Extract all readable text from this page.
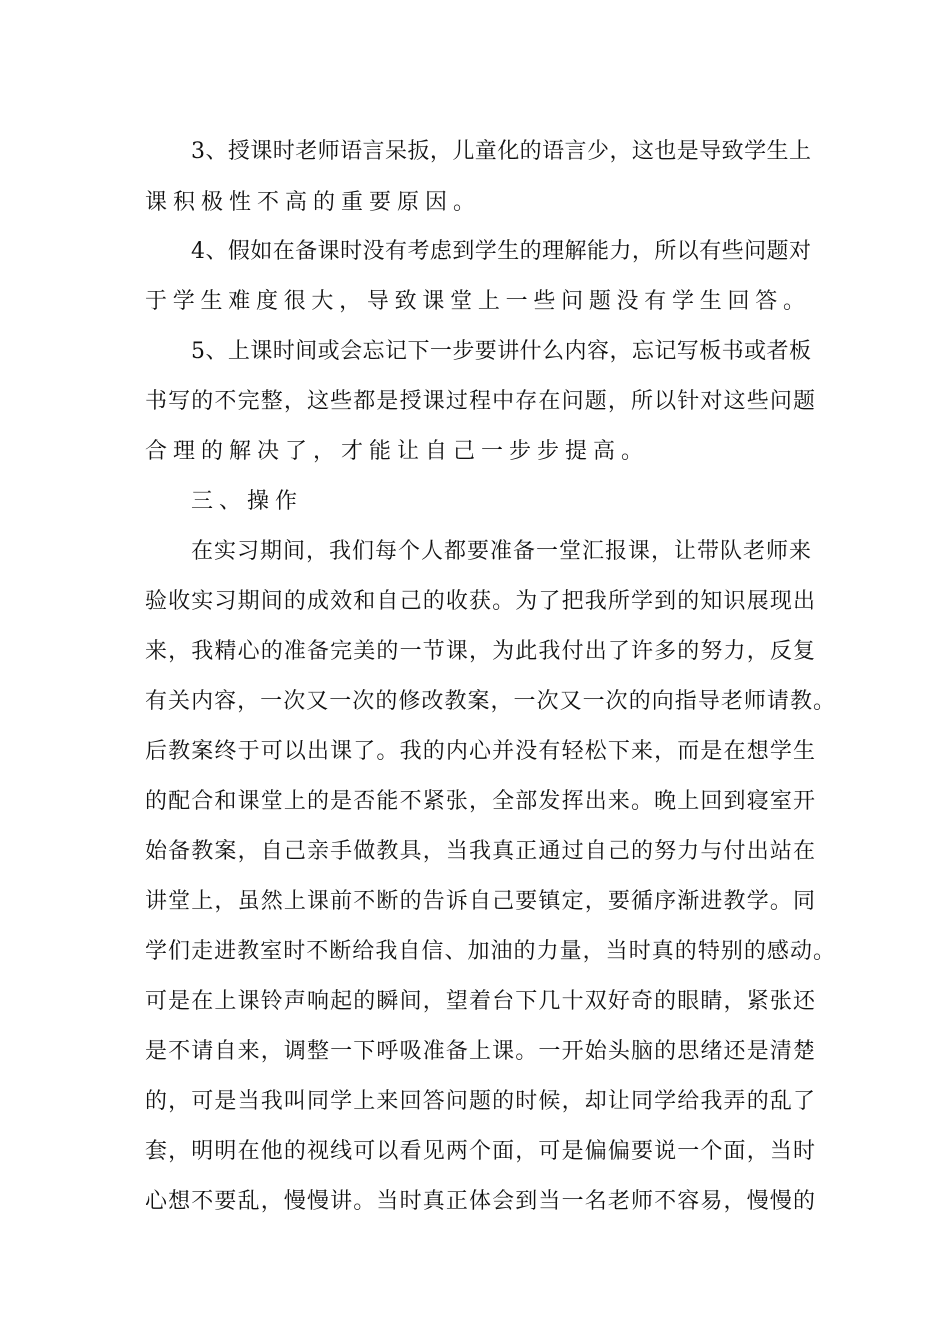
3、授课时老师语言呆扳，儿童化的语言少，这也是导致学生上
课积极性不高的重要原因。
4、假如在备课时没有考虑到学生的理解能力，所以有些问题对
于学生难度很大，导致课堂上一些问题没有学生回答。
5、上课时间或会忘记下一步要讲什么内容，忘记写板书或者板
书写的不完整，这些都是授课过程中存在问题，所以针对这些问题
合理的解决了，才能让自己一步步提高。
三、操作
在实习期间，我们每个人都要准备一堂汇报课，让带队老师来
验收实习期间的成效和自己的收获。为了把我所学到的知识展现出
来，我精心的准备完美的一节课，为此我付出了许多的努力，反复
有关内容，一次又一次的修改教案，一次又一次的向指导老师请教。
后教案终于可以出课了。我的内心并没有轻松下来，而是在想学生
的配合和课堂上的是否能不紧张，全部发挥出来。晚上回到寝室开
始备教案，自己亲手做教具，当我真正通过自己的努力与付出站在
讲堂上，虽然上课前不断的告诉自己要镇定，要循序渐进教学。同
学们走进教室时不断给我自信、加油的力量，当时真的特别的感动。
可是在上课铃声响起的瞬间，望着台下几十双好奇的眼睛，紧张还
是不请自来，调整一下呼吸准备上课。一开始头脑的思绪还是清楚
的，可是当我叫同学上来回答问题的时候，却让同学给我弄的乱了
套，明明在他的视线可以看见两个面，可是偏偏要说一个面，当时
心想不要乱，慢慢讲。当时真正体会到当一名老师不容易，慢慢的
